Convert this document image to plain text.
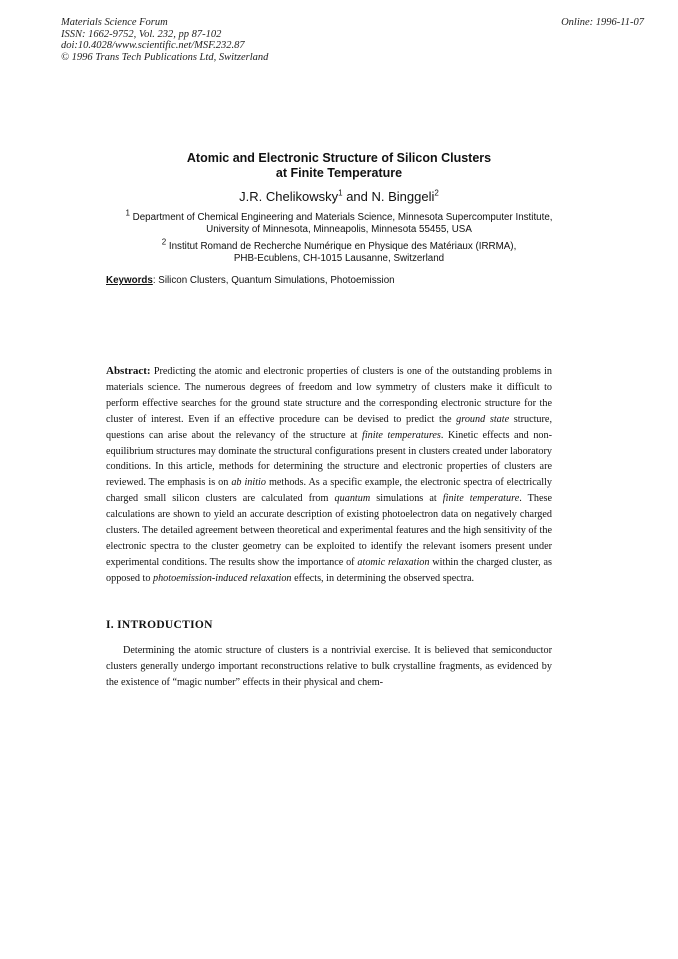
Materials Science Forum
ISSN: 1662-9752, Vol. 232, pp 87-102
doi:10.4028/www.scientific.net/MSF.232.87
© 1996 Trans Tech Publications Ltd, Switzerland
Online: 1996-11-07
Atomic and Electronic Structure of Silicon Clusters
at Finite Temperature
J.R. Chelikowsky$^1$ and N. Binggeli$^2$
$^1$ Department of Chemical Engineering and Materials Science, Minnesota Supercomputer Institute,
University of Minnesota, Minneapolis, Minnesota 55455, USA
$^2$ Institut Romand de Recherche Numérique en Physique des Matériaux (IRRMA),
PHB-Ecublens, CH-1015 Lausanne, Switzerland
Keywords: Silicon Clusters, Quantum Simulations, Photoemission
Abstract: Predicting the atomic and electronic properties of clusters is one of the outstanding problems in materials science. The numerous degrees of freedom and low symmetry of clusters make it difficult to perform effective searches for the ground state structure and the corresponding electronic structure for the cluster of interest. Even if an effective procedure can be devised to predict the ground state structure, questions can arise about the relevancy of the structure at finite temperatures. Kinetic effects and non-equilibrium structures may dominate the structural configurations present in clusters created under laboratory conditions. In this article, methods for determining the structure and electronic properties of clusters are reviewed. The emphasis is on ab initio methods. As a specific example, the electronic spectra of electrically charged small silicon clusters are calculated from quantum simulations at finite temperature. These calculations are shown to yield an accurate description of existing photoelectron data on negatively charged clusters. The detailed agreement between theoretical and experimental features and the high sensitivity of the electronic spectra to the cluster geometry can be exploited to identify the relevant isomers present under experimental conditions. The results show the importance of atomic relaxation within the charged cluster, as opposed to photoemission-induced relaxation effects, in determining the observed spectra.
I. INTRODUCTION
Determining the atomic structure of clusters is a nontrivial exercise. It is believed that semiconductor clusters generally undergo important reconstructions relative to bulk crystalline fragments, as evidenced by the existence of “magic number” effects in their physical and chem-
